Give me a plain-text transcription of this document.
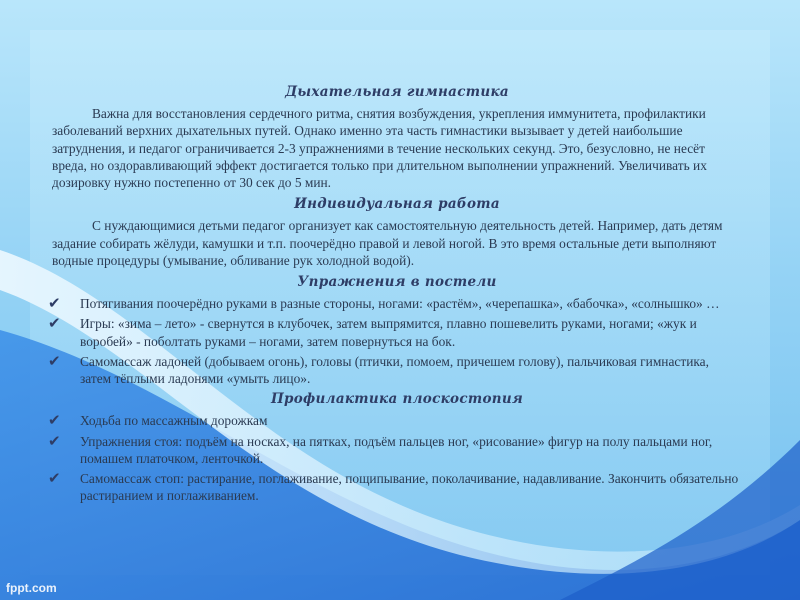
Дыхательная гимнастика

Важна для восстановления сердечного ритма, снятия возбуждения, укрепления иммунитета, профилактики заболеваний верхних дыхательных путей. Однако именно эта часть гимнастики вызывает у детей наибольшие затруднения, и педагог ограничивается 2-3 упражнениями в течение нескольких секунд. Это, безусловно, не несёт вреда, но оздоравливающий эффект достигается только при длительном выполнении упражнений. Увеличивать их дозировку нужно постепенно от 30 сек до 5 мин.

Индивидуальная работа

С нуждающимися детьми педагог организует как самостоятельную деятельность детей. Например, дать детям задание собирать жёлуди, камушки и т.п. поочерёдно правой и левой ногой. В это время остальные дети выполняют водные процедуры (умывание, обливание рук холодной водой).

Упражнения в постели
✔ Потягивания поочерёдно руками в разные стороны, ногами: «растём», «черепашка», «бабочка», «солнышко» …
✔ Игры: «зима – лето» - свернутся в клубочек, затем выпрямится, плавно пошевелить руками, ногами; «жук и воробей» - поболтать руками – ногами, затем повернуться на бок.
✔ Самомассаж ладоней (добываем огонь), головы (птички, помоем, причешем голову), пальчиковая гимнастика, затем тёплыми ладонями «умыть лицо».
Профилактика плоскостопия
✔ Ходьба по массажным дорожкам
✔ Упражнения стоя: подъём на носках, на пятках, подъём пальцев ног, «рисование» фигур на полу пальцами ног, помашем платочком, ленточкой.
✔ Самомассаж стоп: растирание, поглаживание, пощипывание, поколачивание, надавливание. Закончить обязательно растиранием и поглаживанием.
fppt.com
